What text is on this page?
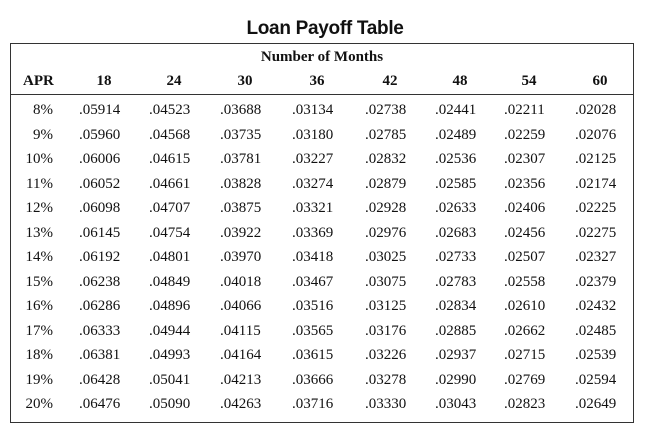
Loan Payoff Table
Number of Months
APR	18	24	30	36	42	48	54	60
8% .05914 .04523 .03688 .03134 .02738 .02441 .02211 .02028
9% .05960 .04568 .03735 .03180 .02785 .02489 .02259 .02076
10% .06006 .04615 .03781 .03227 .02832 .02536 .02307 .02125
11% .06052 .04661 .03828 .03274 .02879 .02585 .02356 .02174
12% .06098 .04707 .03875 .03321 .02928 .02633 .02406 .02225
13% .06145 .04754 .03922 .03369 .02976 .02683 .02456 .02275
14% .06192 .04801 .03970 .03418 .03025 .02733 .02507 .02327
15% .06238 .04849 .04018 .03467 .03075 .02783 .02558 .02379
16% .06286 .04896 .04066 .03516 .03125 .02834 .02610 .02432
17% .06333 .04944 .04115 .03565 .03176 .02885 .02662 .02485
18% .06381 .04993 .04164 .03615 .03226 .02937 .02715 .02539
19% .06428 .05041 .04213 .03666 .03278 .02990 .02769 .02594
20% .06476 .05090 .04263 .03716 .03330 .03043 .02823 .02649
